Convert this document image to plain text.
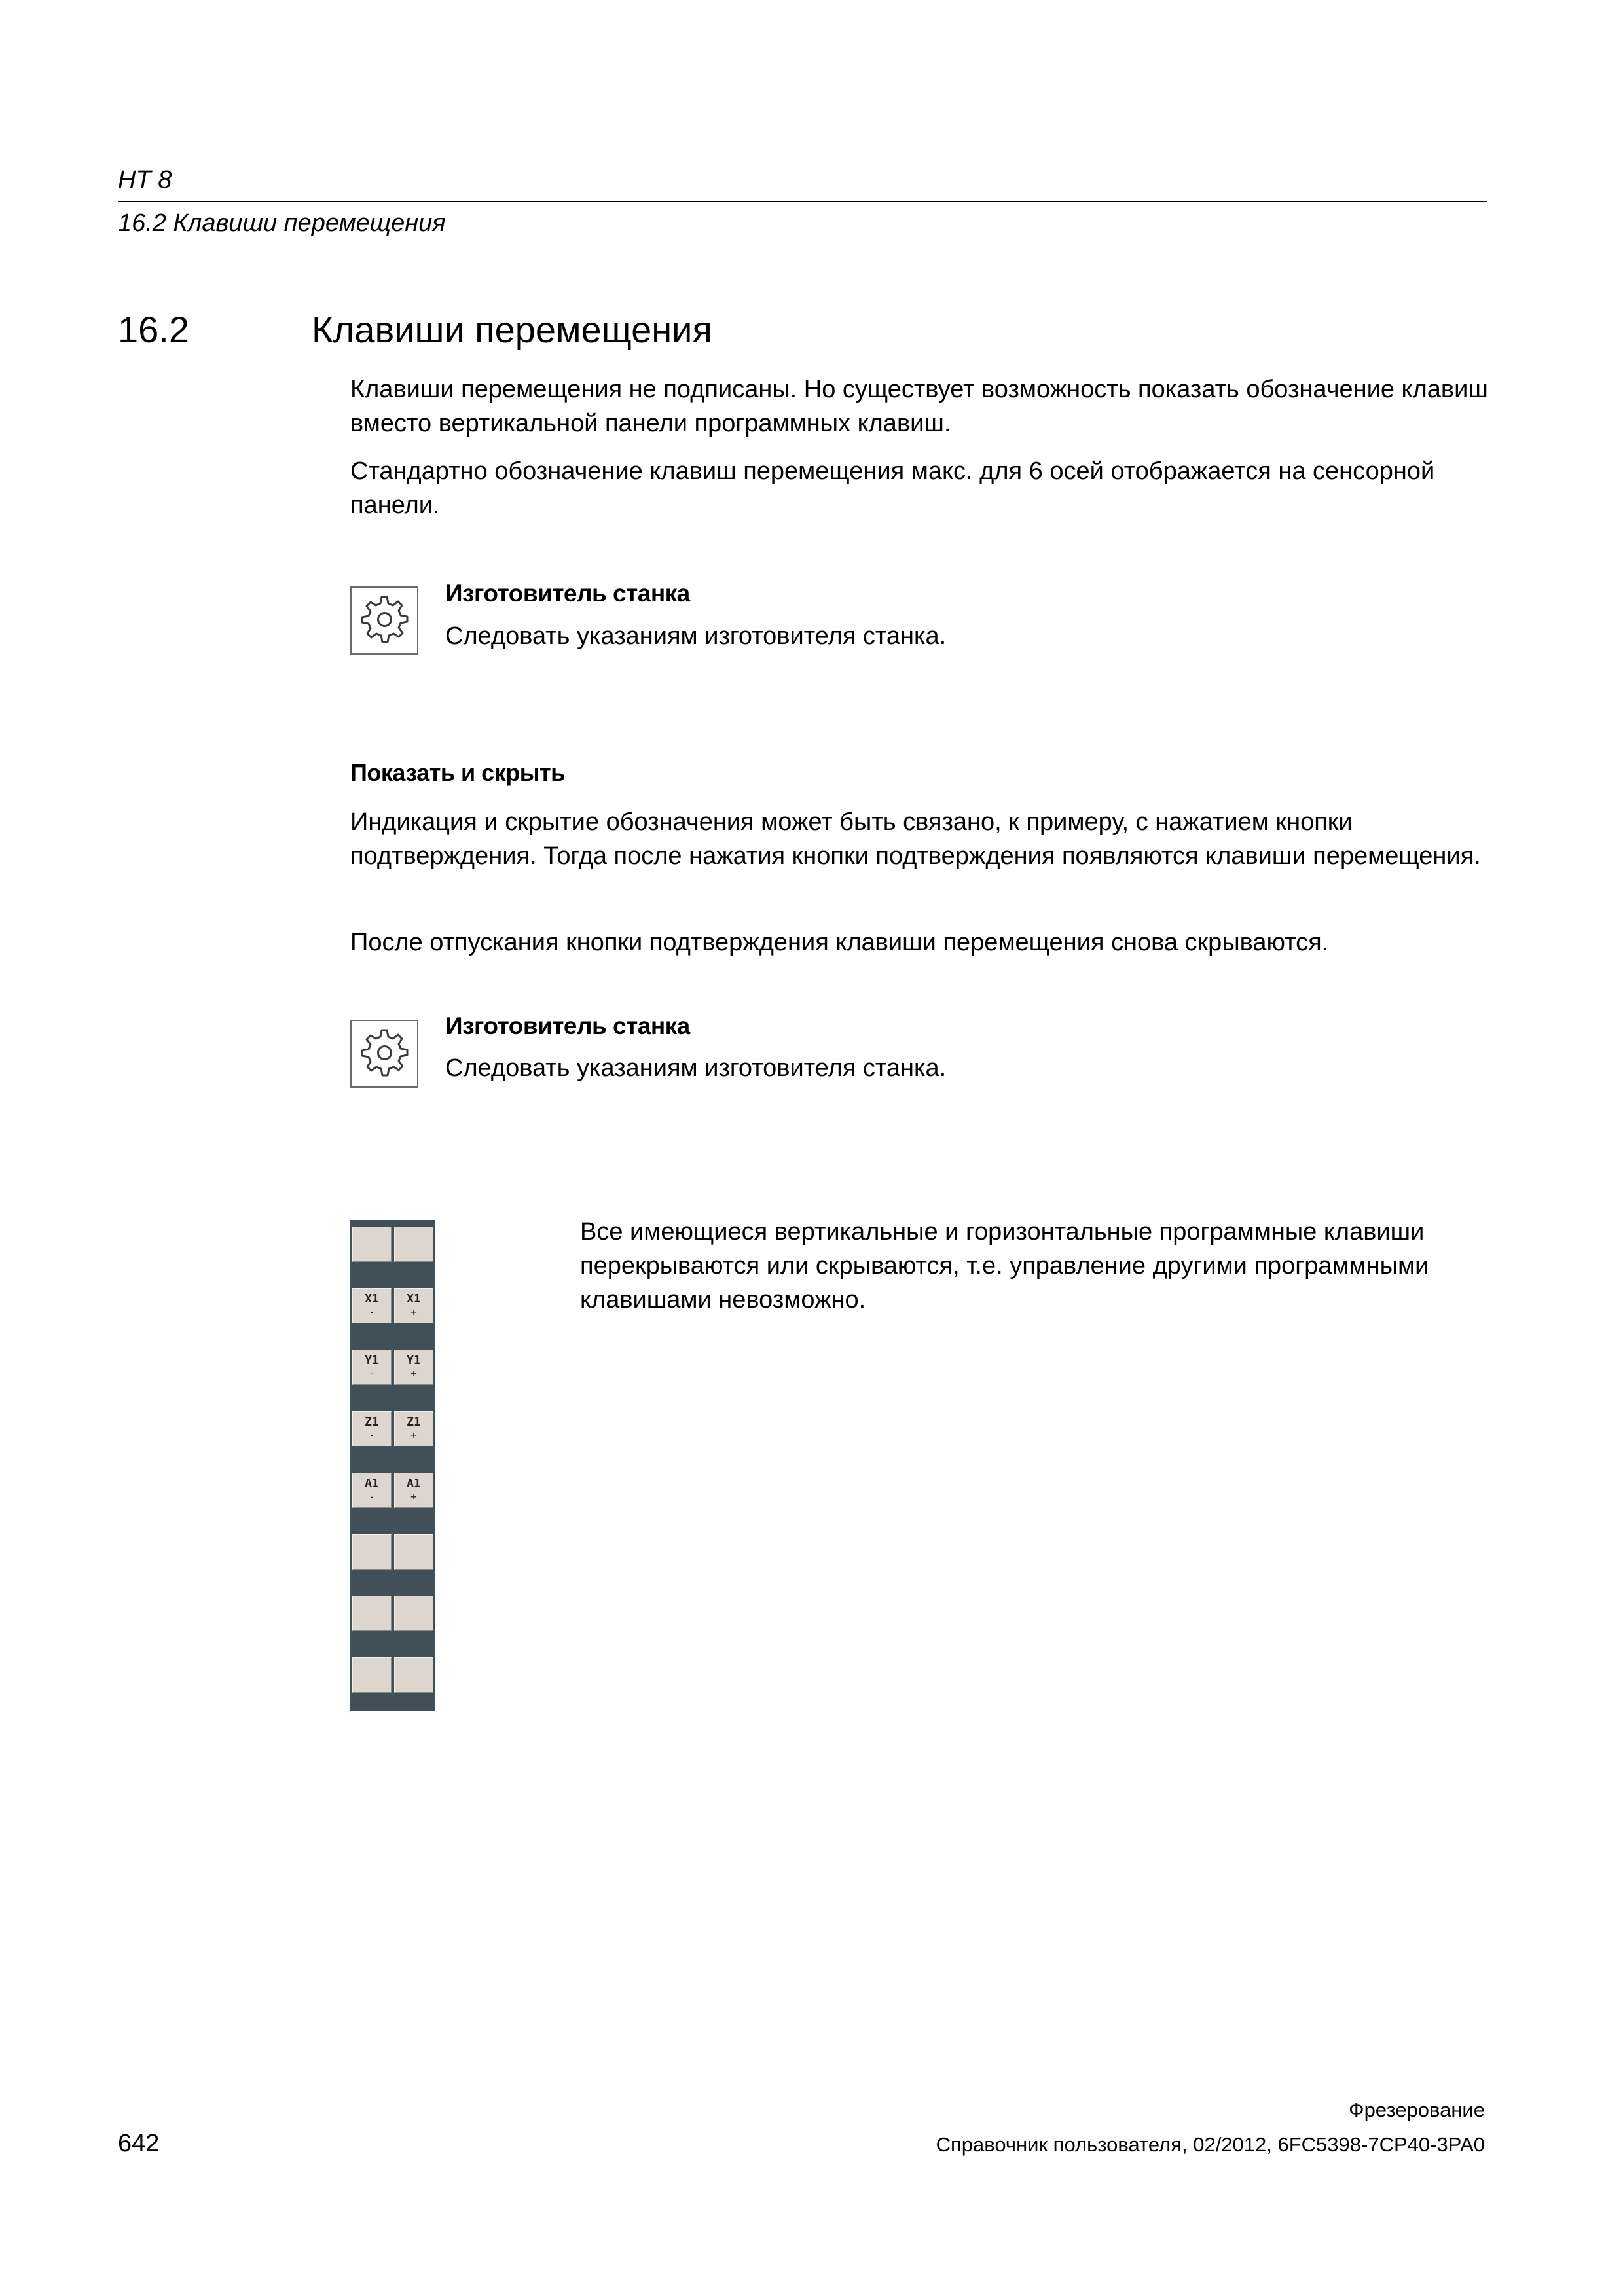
HT 8
16.2 Клавиши перемещения
16.2	Клавиши перемещения
Клавиши перемещения не подписаны. Но существует возможность показать обозначение клавиш вместо вертикальной панели программных клавиш.
Стандартно обозначение клавиш перемещения макс. для 6 осей отображается на сенсорной панели.
Изготовитель станка
Следовать указаниям изготовителя станка.
Показать и скрыть
Индикация и скрытие обозначения может быть связано, к примеру, с нажатием кнопки подтверждения. Тогда после нажатия кнопки подтверждения появляются клавиши перемещения.
После отпускания кнопки подтверждения клавиши перемещения снова скрываются.
Изготовитель станка
Следовать указаниям изготовителя станка.
X1
-
X1
+
Y1
-
Y1
+
Z1
-
Z1
+
A1
-
A1
+
Все имеющиеся вертикальные и горизонтальные программные клавиши перекрываются или скрываются, т.е. управление другими программными клавишами невозможно.
642
Фрезерование
Справочник пользователя, 02/2012, 6FC5398-7CP40-3PA0
